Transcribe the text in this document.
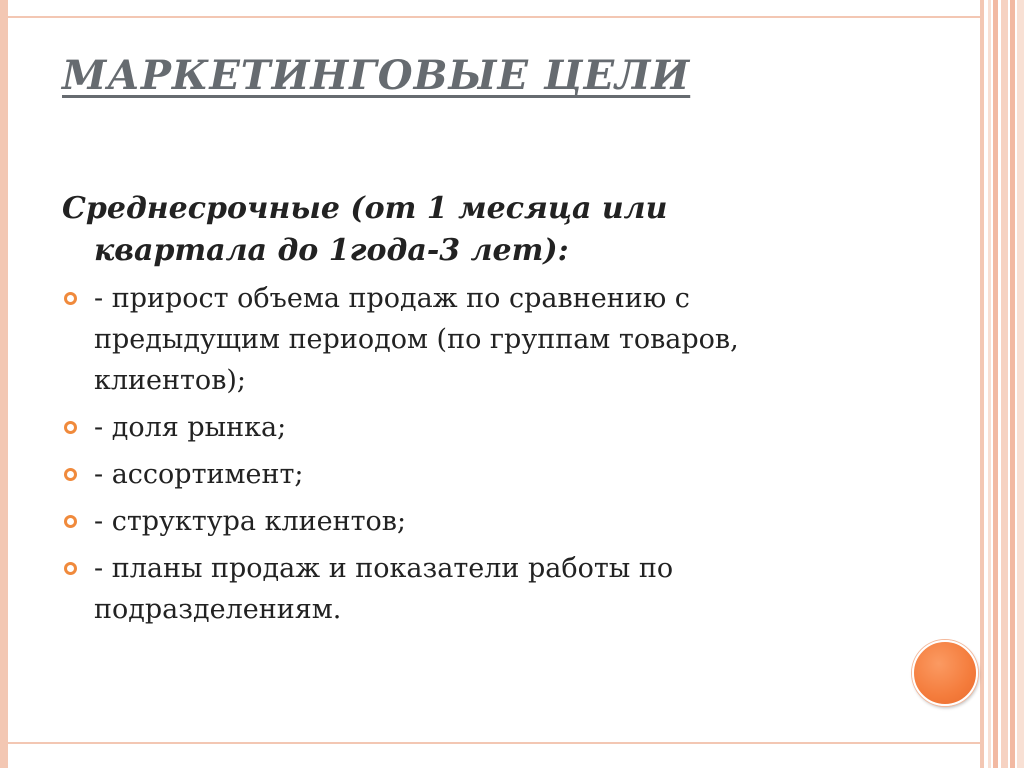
МАРКЕТИНГОВЫЕ ЦЕЛИ

Среднесрочные (от 1 месяца или
квартала до 1года-3 лет):

- прирост объема продаж по сравнению с предыдущим периодом (по группам товаров, клиентов);
- доля рынка;
- ассортимент;
- структура клиентов;
- планы продаж и показатели работы по подразделениям.
